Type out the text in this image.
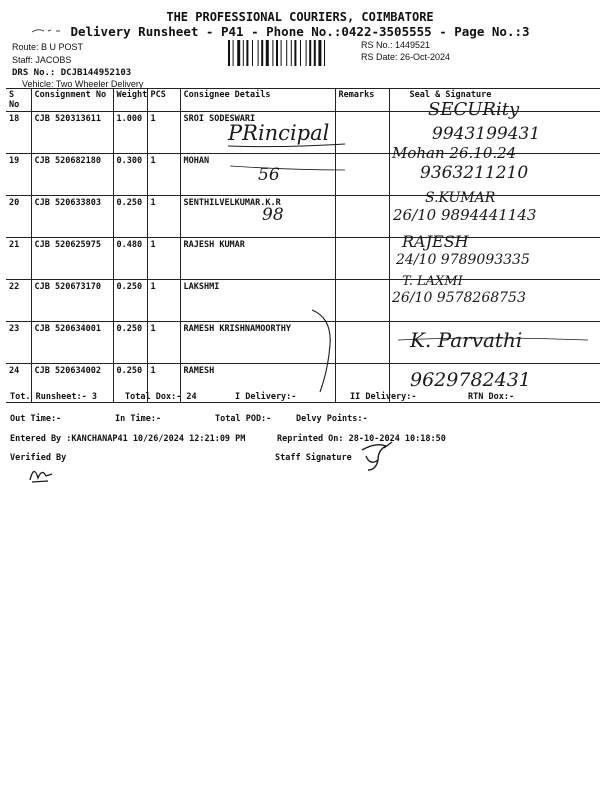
THE PROFESSIONAL COURIERS, COIMBATORE
Delivery Runsheet - P41 - Phone No.:0422-3505555 - Page No.:3
Route: B U POST
Staff: JACOBS
DRS No.: DCJB144952103
Vehicle: Two Wheeler Delivery
RS No.: 1449521
RS Date: 26-Oct-2024
S No	Consignment No	Weight	PCS	Consignee Details	Remarks	Seal & Signature
18	CJB 520313611	1.000	1	SROI SODESWARI		
19	CJB 520682180	0.300	1	MOHAN		
20	CJB 520633803	0.250	1	SENTHILVELKUMAR.K.R		
21	CJB 520625975	0.480	1	RAJESH KUMAR		
22	CJB 520673170	0.250	1	LAKSHMI		
23	CJB 520634001	0.250	1	RAMESH KRISHNAMOORTHY		
24	CJB 520634002	0.250	1	RAMESH		
PRincipal
SECURity
9943199431
56
Mohan 26.10.24
9363211210
98
S.KUMAR
26/10 9894441143
RAJESH
24/10 9789093335
T. LAXMI
26/10 9578268753
K. Parvathi
9629782431
Tot. Runsheet:- 3	Total Dox:- 24	I Delivery:-	II Delivery:-	RTN Dox:-
Out Time:-	In Time:-	Total POD:-	Delvy Points:-
Entered By :KANCHANAP41 10/26/2024 12:21:09 PM	Reprinted On: 28-10-2024 10:18:50
Verified By	Staff Signature
